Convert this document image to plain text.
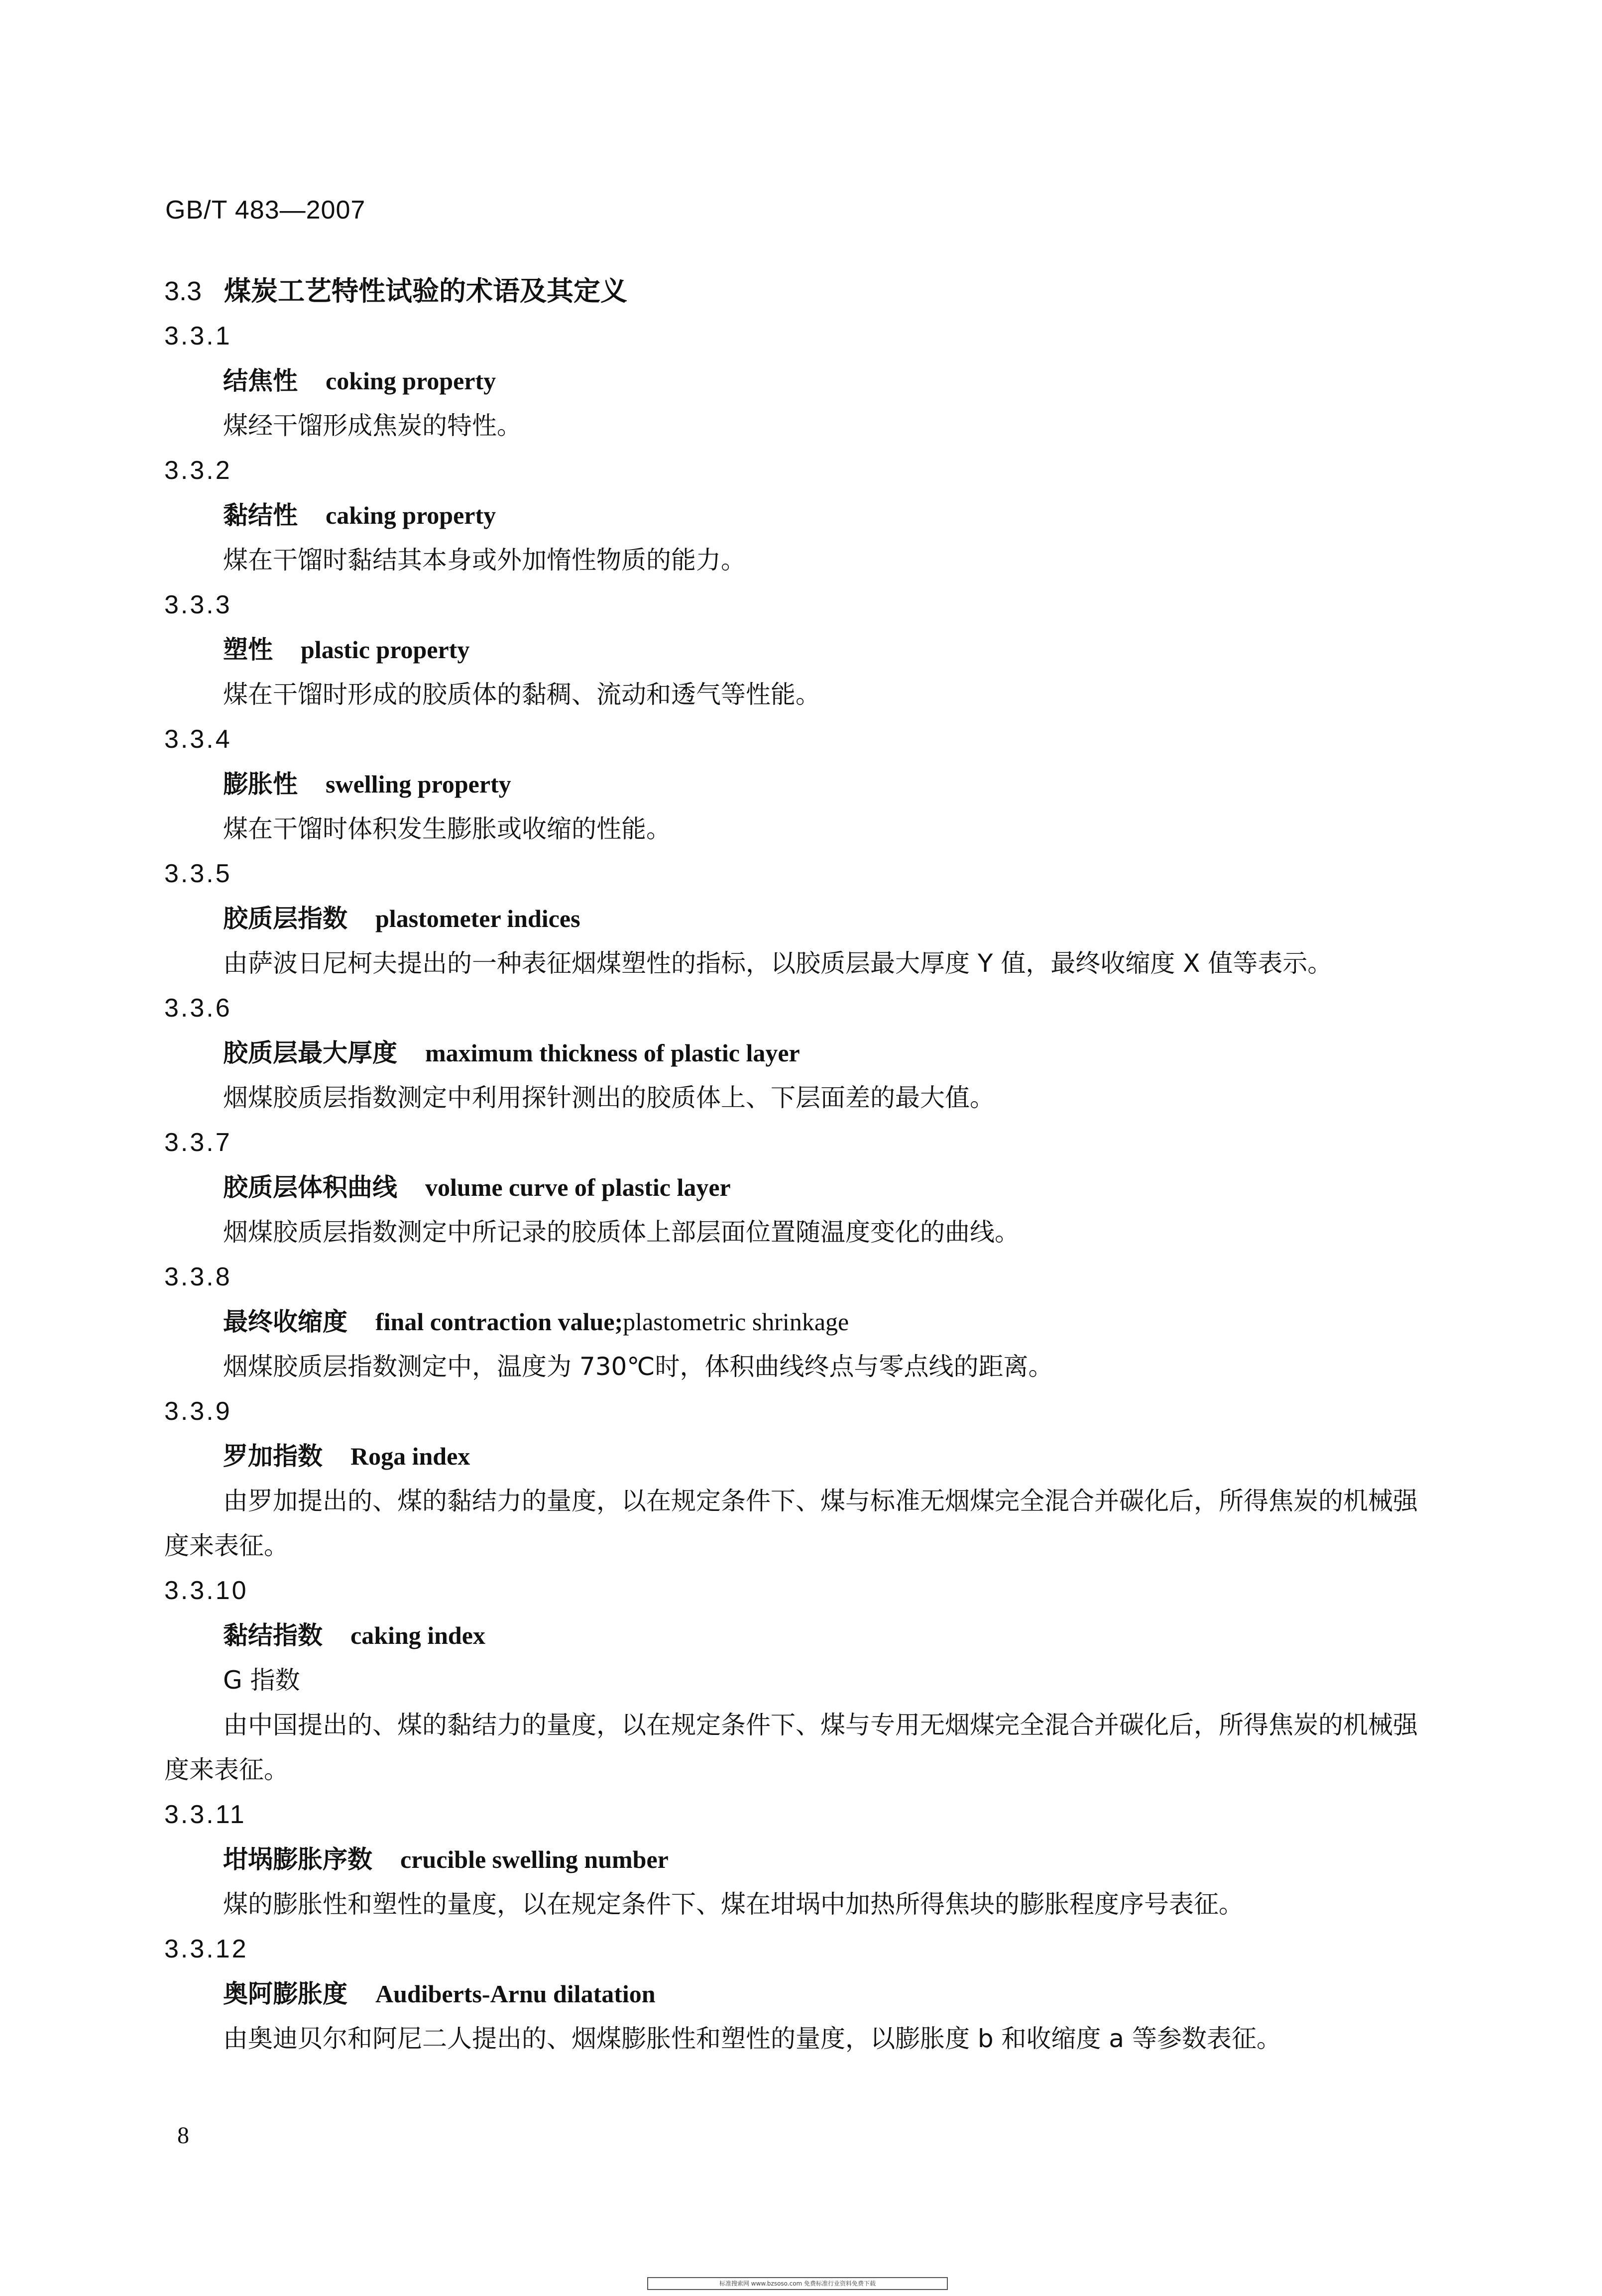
GB/T 483—2007
3.3 煤炭工艺特性试验的术语及其定义
3.3.1
结焦性 coking property
煤经干馏形成焦炭的特性。
3.3.2
黏结性 caking property
煤在干馏时黏结其本身或外加惰性物质的能力。
3.3.3
塑性 plastic property
煤在干馏时形成的胶质体的黏稠、流动和透气等性能。
3.3.4
膨胀性 swelling property
煤在干馏时体积发生膨胀或收缩的性能。
3.3.5
胶质层指数 plastometer indices
由萨波日尼柯夫提出的一种表征烟煤塑性的指标，以胶质层最大厚度 Y 值，最终收缩度 X 值等表示。
3.3.6
胶质层最大厚度 maximum thickness of plastic layer
烟煤胶质层指数测定中利用探针测出的胶质体上、下层面差的最大值。
3.3.7
胶质层体积曲线 volume curve of plastic layer
烟煤胶质层指数测定中所记录的胶质体上部层面位置随温度变化的曲线。
3.3.8
最终收缩度 final contraction value;plastometric shrinkage
烟煤胶质层指数测定中，温度为 730℃时，体积曲线终点与零点线的距离。
3.3.9
罗加指数 Roga index
由罗加提出的、煤的黏结力的量度，以在规定条件下、煤与标准无烟煤完全混合并碳化后，所得焦炭的机械强度来表征。
3.3.10
黏结指数 caking index
G 指数
由中国提出的、煤的黏结力的量度，以在规定条件下、煤与专用无烟煤完全混合并碳化后，所得焦炭的机械强度来表征。
3.3.11
坩埚膨胀序数 crucible swelling number
煤的膨胀性和塑性的量度，以在规定条件下、煤在坩埚中加热所得焦块的膨胀程度序号表征。
3.3.12
奥阿膨胀度 Audiberts-Arnu dilatation
由奥迪贝尔和阿尼二人提出的、烟煤膨胀性和塑性的量度，以膨胀度 b 和收缩度 a 等参数表征。
8
标准搜索网 www.bzsoso.com 免费标准行业资料免费下载
